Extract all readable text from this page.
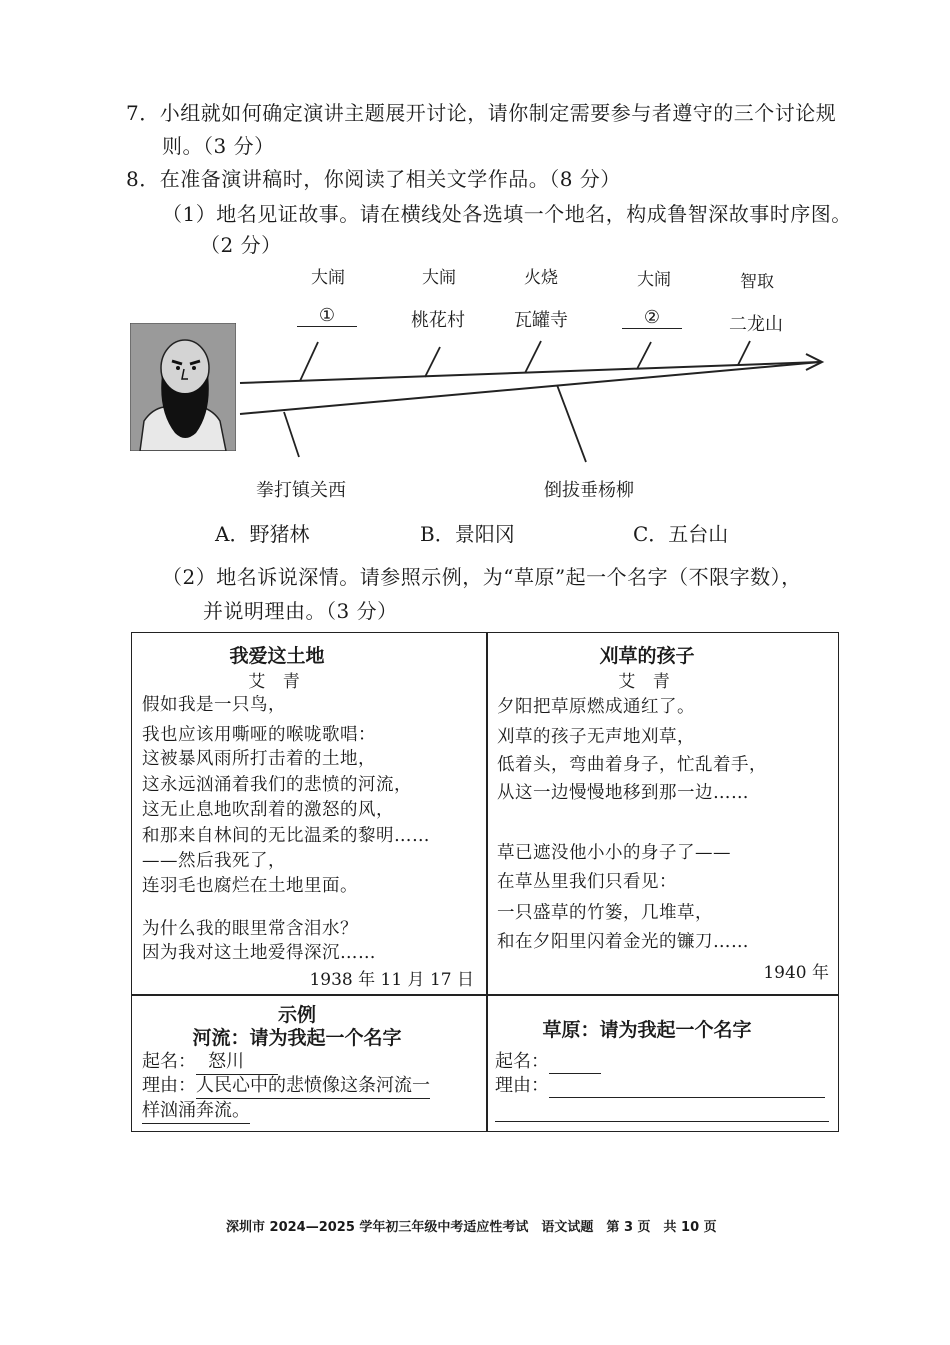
7．小组就如何确定演讲主题展开讨论，请你制定需要参与者遵守的三个讨论规
则。（3 分）
8．在准备演讲稿时，你阅读了相关文学作品。（8 分）
（1）地名见证故事。请在横线处各选填一个地名，构成鲁智深故事时序图。
（2 分）
大闹	大闹	火烧	大闹	智取
①	桃花村	瓦罐寺	②	二龙山
拳打镇关西	倒拔垂杨柳
A．野猪林	B．景阳冈	C．五台山
（2）地名诉说深情。请参照示例，为“草原”起一个名字（不限字数），
并说明理由。（3 分）
我爱这土地
艾 青
假如我是一只鸟，
我也应该用嘶哑的喉咙歌唱：
这被暴风雨所打击着的土地，
这永远汹涌着我们的悲愤的河流，
这无止息地吹刮着的激怒的风，
和那来自林间的无比温柔的黎明……
——然后我死了，
连羽毛也腐烂在土地里面。
为什么我的眼里常含泪水？
因为我对这土地爱得深沉……
1938 年 11 月 17 日
刈草的孩子
艾 青
夕阳把草原燃成通红了。
刈草的孩子无声地刈草，
低着头，弯曲着身子，忙乱着手，
从这一边慢慢地移到那一边……
草已遮没他小小的身子了——
在草丛里我们只看见：
一只盛草的竹篓，几堆草，
和在夕阳里闪着金光的镰刀……
1940 年
示例
河流：请为我起一个名字
起名： 怒川
理由：人民心中的悲愤像这条河流一
样汹涌奔流。
草原：请为我起一个名字
起名：
理由：
深圳市 2024—2025 学年初三年级中考适应性考试　语文试题　第 3 页　共 10 页
